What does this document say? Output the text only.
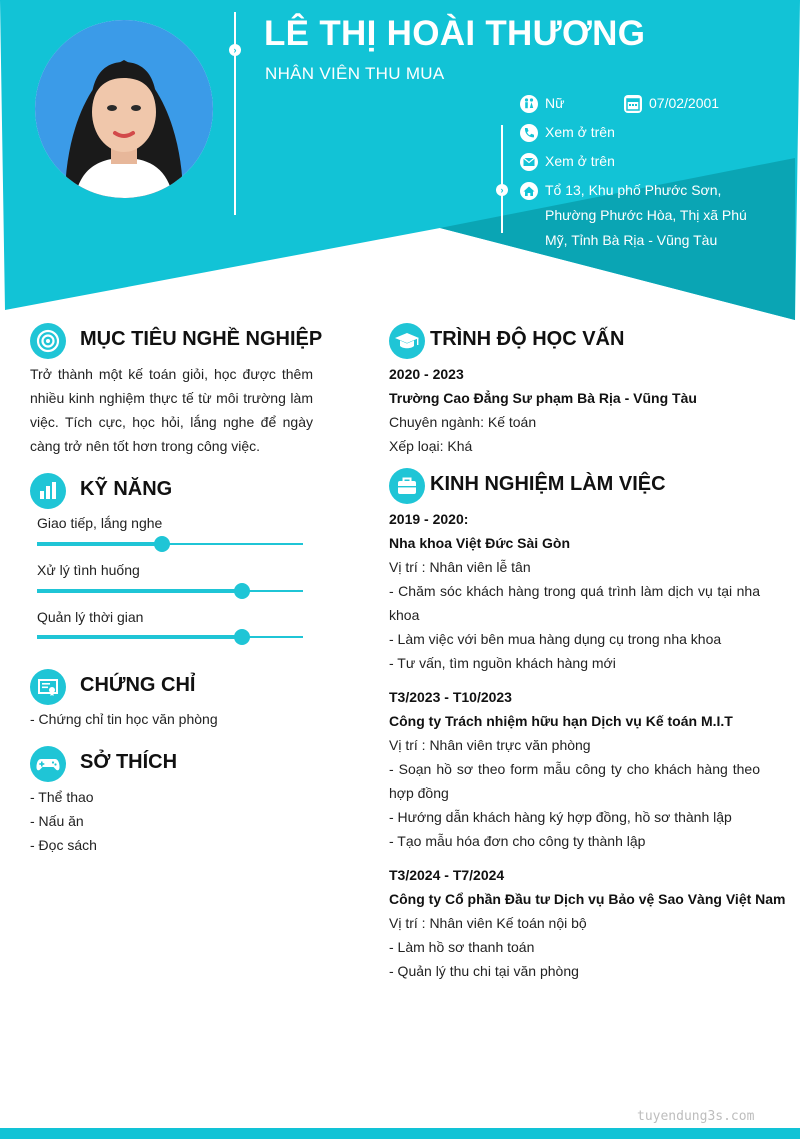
› LÊ THỊ HOÀI THƯƠNG
NHÂN VIÊN THU MUA
›
Nữ	07/02/2001
Xem ở trên
Xem ở trên
Tổ 13, Khu phố Phước Sơn, Phường Phước Hòa, Thị xã Phú Mỹ, Tỉnh Bà Rịa - Vũng Tàu
MỤC TIÊU NGHỀ NGHIỆP
Trở thành một kế toán giỏi, học được thêm nhiều kinh nghiệm thực tế từ môi trường làm việc. Tích cực, học hỏi, lắng nghe để ngày càng trở nên tốt hơn trong công việc.
KỸ NĂNG
Giao tiếp, lắng nghe
Xử lý tình huống
Quản lý thời gian
CHỨNG CHỈ
- Chứng chỉ tin học văn phòng
SỞ THÍCH
- Thể thao
- Nấu ăn
- Đọc sách
TRÌNH ĐỘ HỌC VẤN
2020 - 2023
Trường Cao Đẳng Sư phạm Bà Rịa - Vũng Tàu
Chuyên ngành: Kế toán
Xếp loại: Khá
KINH NGHIỆM LÀM VIỆC
2019 - 2020:
Nha khoa Việt Đức Sài Gòn
Vị trí : Nhân viên lễ tân
- Chăm sóc khách hàng trong quá trình làm dịch vụ tại nha khoa
- Làm việc với bên mua hàng dụng cụ trong nha khoa
- Tư vấn, tìm nguồn khách hàng mới
T3/2023 - T10/2023
Công ty Trách nhiệm hữu hạn Dịch vụ Kế toán M.I.T
Vị trí : Nhân viên trực văn phòng
- Soạn hồ sơ theo form mẫu công ty cho khách hàng theo hợp đồng
- Hướng dẫn khách hàng ký hợp đồng, hồ sơ thành lập
- Tạo mẫu hóa đơn cho công ty thành lập
T3/2024 - T7/2024
Công ty Cổ phần Đầu tư Dịch vụ Bảo vệ Sao Vàng Việt Nam
Vị trí : Nhân viên Kế toán nội bộ
- Làm hồ sơ thanh toán
- Quản lý thu chi tại văn phòng
tuyendung3s.com
